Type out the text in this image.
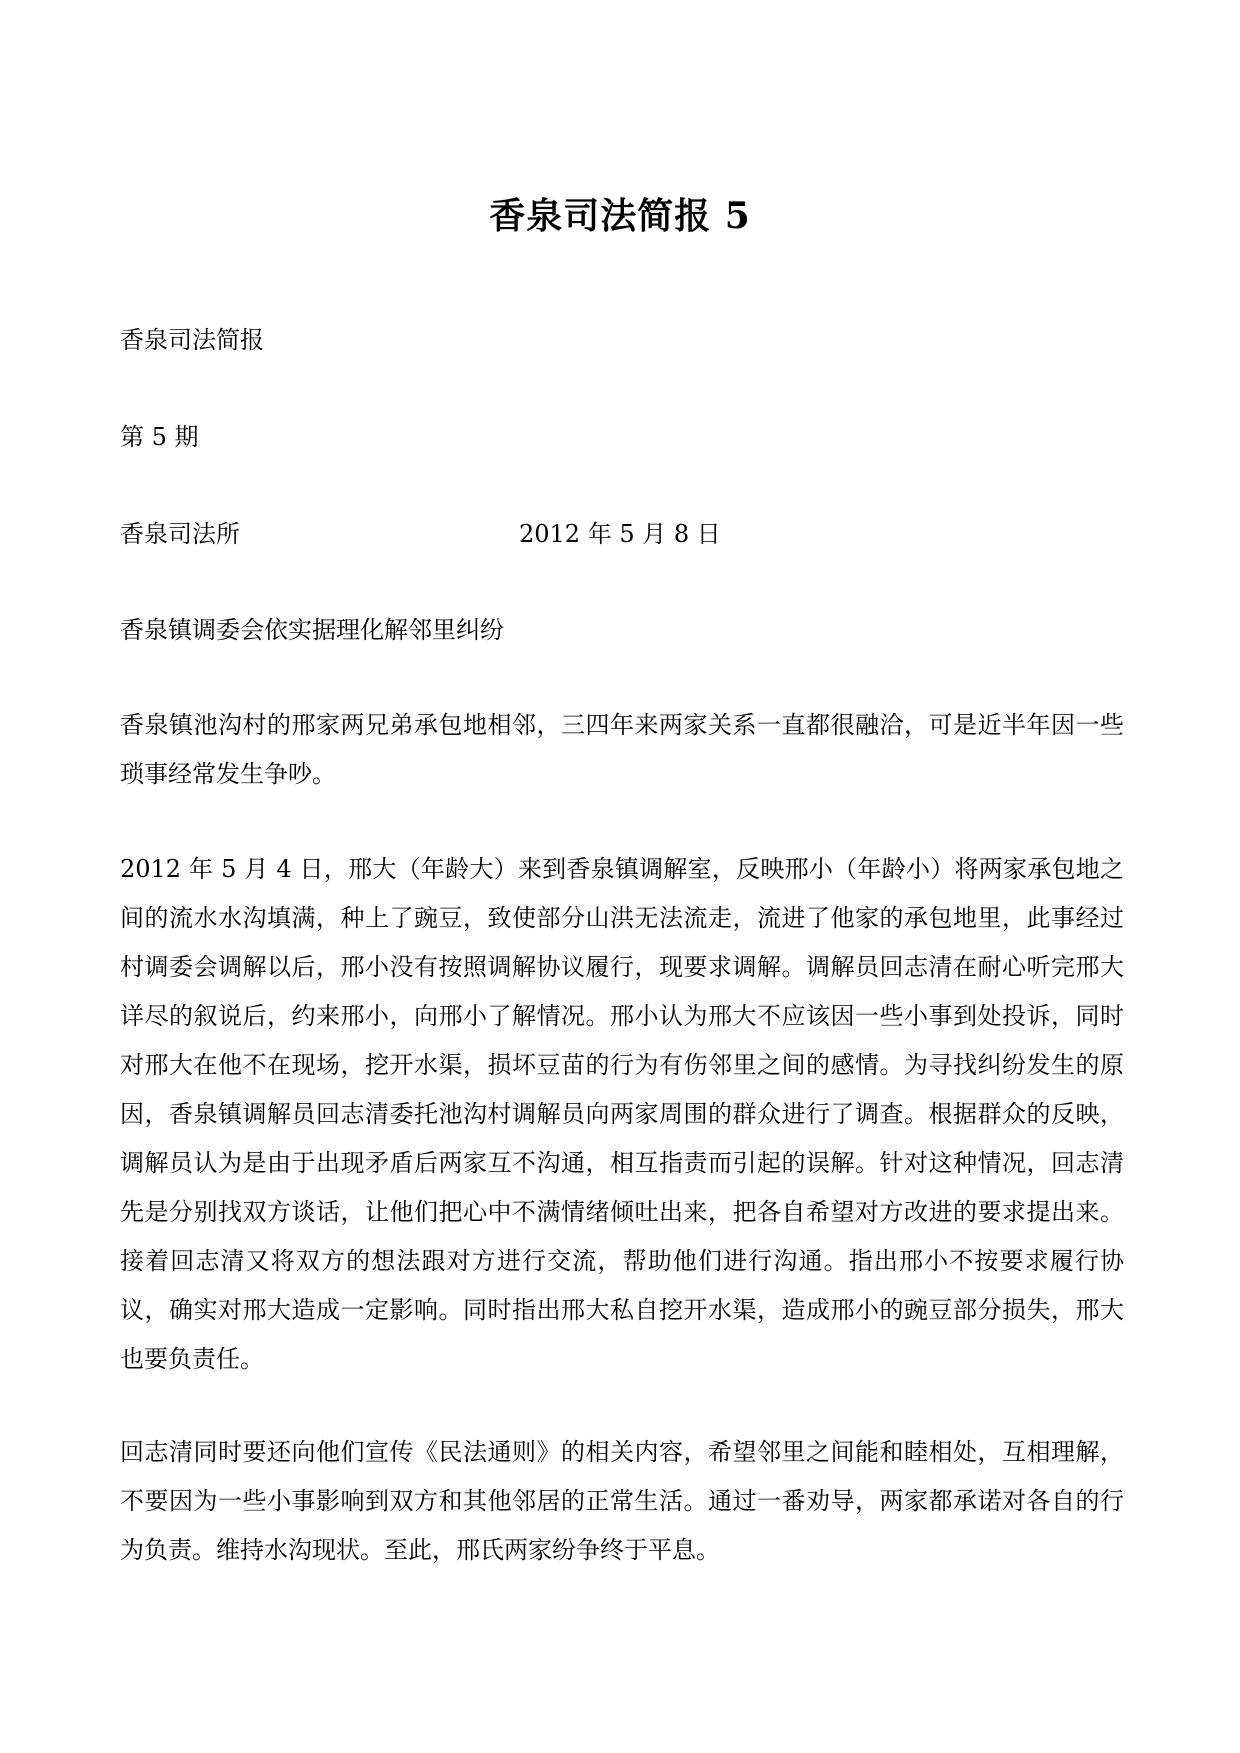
香泉司法简报 5

香泉司法简报

第 5 期

香泉司法所	2012 年 5 月 8 日

香泉镇调委会依实据理化解邻里纠纷

香泉镇池沟村的邢家两兄弟承包地相邻，三四年来两家关系一直都很融洽，可是近半年因一些琐事经常发生争吵。

2012 年 5 月 4 日，邢大（年龄大）来到香泉镇调解室，反映邢小（年龄小）将两家承包地之间的流水水沟填满，种上了豌豆，致使部分山洪无法流走，流进了他家的承包地里，此事经过村调委会调解以后，邢小没有按照调解协议履行，现要求调解。调解员回志清在耐心听完邢大详尽的叙说后，约来邢小，向邢小了解情况。邢小认为邢大不应该因一些小事到处投诉，同时对邢大在他不在现场，挖开水渠，损坏豆苗的行为有伤邻里之间的感情。为寻找纠纷发生的原因，香泉镇调解员回志清委托池沟村调解员向两家周围的群众进行了调查。根据群众的反映，调解员认为是由于出现矛盾后两家互不沟通，相互指责而引起的误解。针对这种情况，回志清先是分别找双方谈话，让他们把心中不满情绪倾吐出来，把各自希望对方改进的要求提出来。接着回志清又将双方的想法跟对方进行交流，帮助他们进行沟通。指出邢小不按要求履行协议，确实对邢大造成一定影响。同时指出邢大私自挖开水渠，造成邢小的豌豆部分损失，邢大也要负责任。

回志清同时要还向他们宣传《民法通则》的相关内容，希望邻里之间能和睦相处，互相理解，不要因为一些小事影响到双方和其他邻居的正常生活。通过一番劝导，两家都承诺对各自的行为负责。维持水沟现状。至此，邢氏两家纷争终于平息。
